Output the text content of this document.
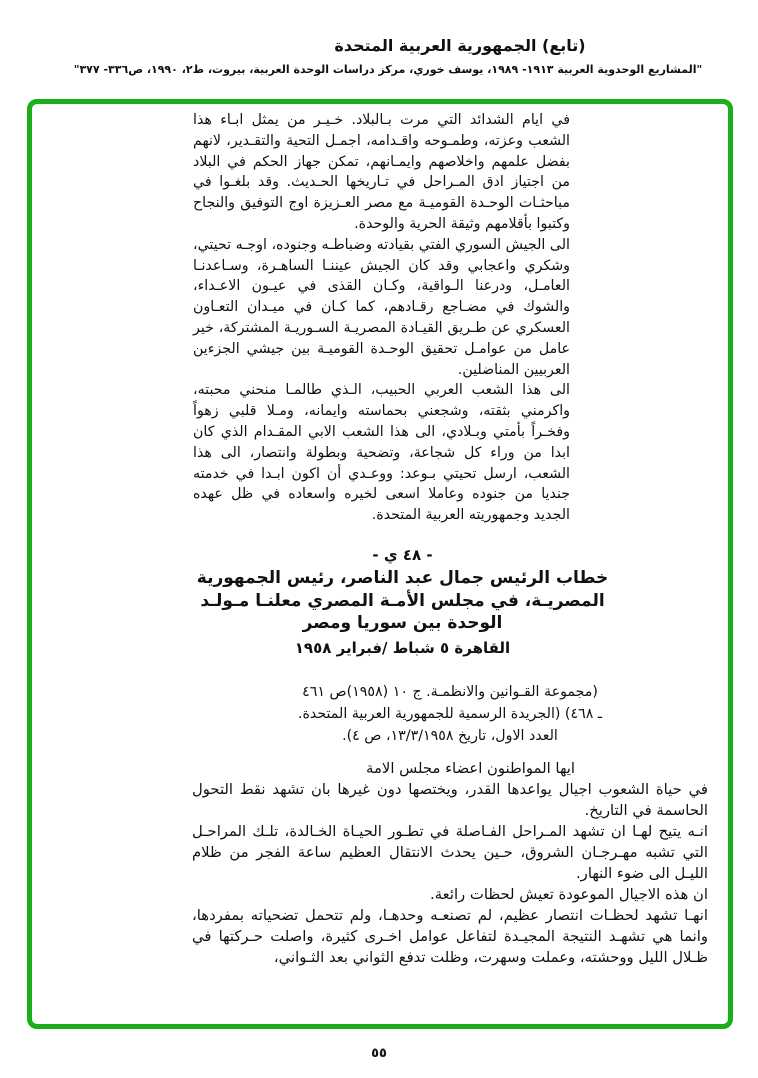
(تابع) الجمهورية العربية المتحدة
"المشاريع الوحدوية العربية ١٩١٣- ١٩٨٩، يوسف خوري، مركز دراسات الوحدة العربية، بيروت، ط٢، ١٩٩٠، ص٣٣٦- ٣٧٧"

في ايام الشدائد التي مرت بـالبلاد. خـيـر من يمثل ابـاء هذا الشعب وعزته، وطمـوحه واقـدامه، اجمـل التحية والتقـدير، لانهم بفضل علمهم واخلاصهم وايمـانهم، تمكن جهاز الحكم في البلاد من اجتياز ادق المـراحل في تـاريخها الحـديث. وقد بلغـوا في مباحثـات الوحـدة القوميـة مع مصر العـزيزة اوج التوفيق والنجاح وكتبوا بأقلامهم وثيقة الحرية والوحدة.

الى الجيش السوري الفتي بقيادته وضباطـه وجنوده، اوجـه تحيتي، وشكري واعجابي وقد كان الجيش عيننـا الساهـرة، وسـاعدنـا العامـل، ودرعنا الـواقية، وكـان القذى في عيـون الاعـداء، والشوك في مضـاجع رقـادهم، كما كـان في ميـدان التعـاون العسكري عن طـريق القيـادة المصريـة السـوريـة المشتركة، خير عامل من عوامـل تحقيق الوحـدة القوميـة بين جيشي الجزءين العربيين المناضلين.

الى هذا الشعب العربي الحبيب، الـذي طالمـا منحني محبته، واكرمني بثقته، وشجعني بحماسته وايمانه، ومـلا قلبي زهواً وفخـراً بأمتي وبـلادي، الى هذا الشعب الابي المقـدام الذي كان ابدا من وراء كل شجاعة، وتضحية وبطولة وانتصار، الى هذا الشعب، ارسل تحيتي بـوعد: ووعـدي أن اكون ابـدا في خدمته جنديا من جنوده وعاملا اسعى لخيره واسعاده في ظل عهده الجديد وجمهوريته العربية المتحدة.

- ٤٨ ي -

خطاب الرئيس جمال عبد الناصر، رئيس الجمهورية

المصريـة، في مجلس الأمـة المصري معلنـا مـولـد

الوحدة بين سوريا ومصر

القاهرة ٥ شباط /فبراير ١٩٥٨

(مجموعة القـوانين والانظمـة. ج ١٠ (١٩٥٨)ص ٤٦١

ـ ٤٦٨) (الجريدة الرسمية للجمهورية العربية المتحدة.

العدد الاول، تاريخ ١٣/٣/١٩٥٨، ص ٤).

ايها المواطنون اعضاء مجلس الامة

في حياة الشعوب اجيال يواعدها القدر، ويختصها دون غيرها بان تشهد نقط التحول الحاسمة في التاريخ.

انـه يتيح لهـا ان تشهد المـراحل الفـاصلة في تطـور الحيـاة الخـالدة، تلـك المراحـل التي تشبه مهـرجـان الشروق، حـين يحدث الانتقال العظيم ساعة الفجر من ظلام الليـل الى ضوء النهار.

ان هذه الاجيال الموعودة تعيش لحظات رائعة.

انهـا تشهد لحظـات انتصار عظيم، لم تصنعـه وحدهـا، ولم تتحمل تضحياته بمفردها، وانما هي تشهـد النتيجة المجيـدة لتفاعل عوامل اخـرى كثيرة، واصلت حـركتها في ظـلال الليل ووحشته، وعملت وسهرت، وظلت تدفع الثواني بعد الثـواني،

٥٥
